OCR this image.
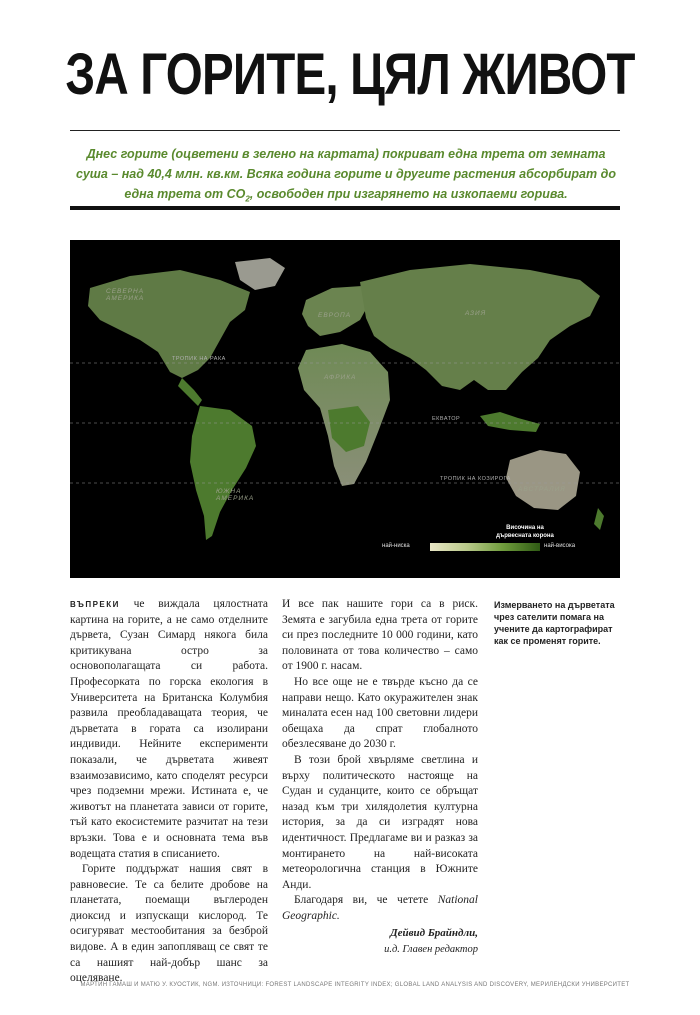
ЗА ГОРИТЕ, ЦЯЛ ЖИВОТ
Днес горите (оцветени в зелено на картата) покриват една трета от земната суша – над 40,4 млн. кв.км. Всяка година горите и другите растения абсорбират до една трета от $CO_2$, освободен при изгарянето на изкопаеми горива.
СЕВЕРНА
АМЕРИКА
ЕВРОПА	АЗИЯ
АФРИКА
ЮЖНА
АМЕРИКА
АВСТРАЛИЯ
ТРОПИК НА РАКА
ЕКВАТОР
ТРОПИК НА КОЗИРОГА
Височина на
дървесната корона
най-ниска	най-висока

ВЪПРЕКИ че виждала цялостната картина на горите, а не само отделните дървета, Сузан Симард някога била критикувана остро за основополагащата си работа. Професорката по горска екология в Университета на Британска Колумбия развила преобладаващата теория, че дърветата в гората са изолирани индивиди. Нейните експерименти показали, че дърветата живеят взаимозависимо, като споделят ресурси чрез подземни мрежи. Истината е, че животът на планетата зависи от горите, тъй като екосистемите разчитат на тези връзки. Това е и основната тема във водещата статия в списанието.

Горите поддържат нашия свят в равновесие. Те са белите дробове на планетата, поемащи въглероден диоксид и изпускащи кислород. Те осигуряват местообитания за безброй видове. А в един запопляващ се свят те са нашият най-добър шанс за оцеляване.

И все пак нашите гори са в риск. Земята е загубила една трета от горите си през последните 10 000 години, като половината от това количество – само от 1900 г. насам.

Но все още не е твърде късно да се направи нещо. Като окуражителен знак миналата есен над 100 световни лидери обещаха да спрат глобалното обезлесяване до 2030 г.

В този брой хвърляме светлина и върху политическото настояще на Судан и суданците, които се обръщат назад към три хилядолетия културна история, за да си изградят нова идентичност. Предлагаме ви и разказ за монтирането на най-високата метеорологична станция в Южните Анди.

Благодаря ви, че четете National Geographic.

Дейвид Брайндли,
и.д. Главен редактор
Измерването на дърветата чрез сателити помага на учените да картографират как се променят горите.
МАРТИН ГАМАШ И МАТЮ У. КУОСТИК, NGM. ИЗТОЧНИЦИ: FOREST LANDSCAPE INTEGRITY INDEX; GLOBAL LAND ANALYSIS AND DISCOVERY, МЕРИЛЕНДСКИ УНИВЕРСИТЕТ
